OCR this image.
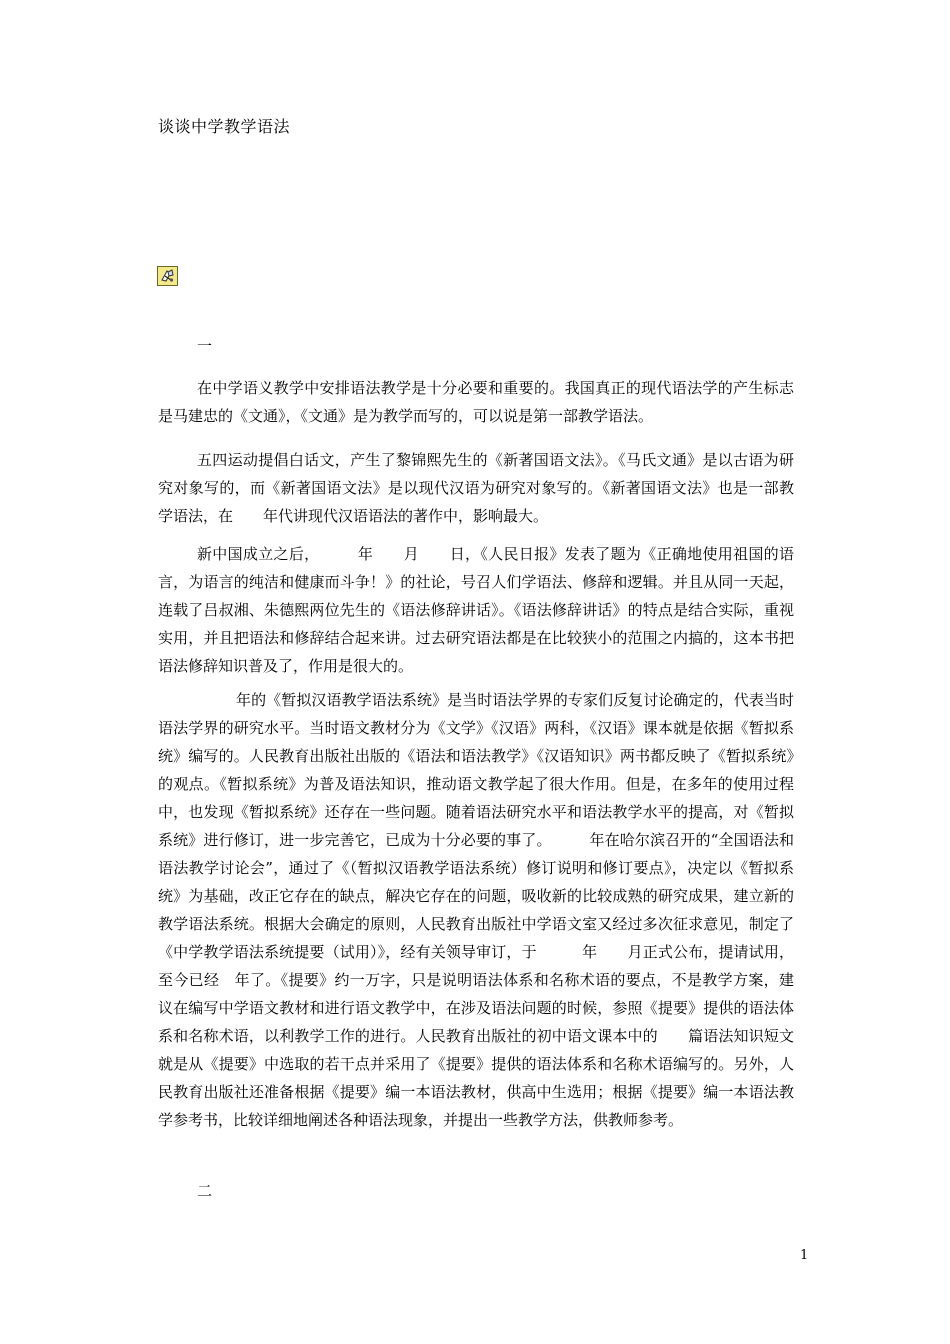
谈谈中学教学语法
一

在中学语义教学中安排语法教学是十分必要和重要的。我国真正的现代语法学的产生标志是马建忠的《文通》，《文通》是为教学而写的，可以说是第一部教学语法。

五四运动提倡白话文，产生了黎锦熙先生的《新著国语文法》。《马氏文通》是以古语为研究对象写的，而《新著国语文法》是以现代汉语为研究对象写的。《新著国语文法》也是一部教学语法，在　　年代讲现代汉语语法的著作中，影响最大。

新中国成立之后，　　　年　　月　　日，《人民日报》发表了题为《正确地使用祖国的语言，为语言的纯洁和健康而斗争！》的社论，号召人们学语法、修辞和逻辑。并且从同一天起，连载了吕叔湘、朱德熙两位先生的《语法修辞讲话》。《语法修辞讲话》的特点是结合实际，重视实用，并且把语法和修辞结合起来讲。过去研究语法都是在比较狭小的范围之内搞的，这本书把语法修辞知识普及了，作用是很大的。

年的《暂拟汉语教学语法系统》是当时语法学界的专家们反复讨论确定的，代表当时语法学界的研究水平。当时语文教材分为《文学》《汉语》两科，《汉语》课本就是依据《暂拟系统》编写的。人民教育出版社出版的《语法和语法教学》《汉语知识》两书都反映了《暂拟系统》的观点。《暂拟系统》为普及语法知识，推动语文教学起了很大作用。但是，在多年的使用过程中，也发现《暂拟系统》还存在一些问题。随着语法研究水平和语法教学水平的提高，对《暂拟系统》进行修订，进一步完善它，已成为十分必要的事了。　　　年在哈尔滨召开的“全国语法和语法教学讨论会”，通过了《（暂拟汉语教学语法系统）修订说明和修订要点》，决定以《暂拟系统》为基础，改正它存在的缺点，解决它存在的问题，吸收新的比较成熟的研究成果，建立新的教学语法系统。根据大会确定的原则，人民教育出版社中学语文室又经过多次征求意见，制定了《中学教学语法系统提要（试用）》，经有关领导审订，于　　　年　　月正式公布，提请试用，至今已经　年了。《提要》约一万字，只是说明语法体系和名称术语的要点，不是教学方案，建议在编写中学语文教材和进行语文教学中，在涉及语法问题的时候，参照《提要》提供的语法体系和名称术语，以利教学工作的进行。人民教育出版社的初中语文课本中的　　篇语法知识短文就是从《提要》中选取的若干点并采用了《提要》提供的语法体系和名称术语编写的。另外，人民教育出版社还准备根据《提要》编一本语法教材，供高中生选用；根据《提要》编一本语法教学参考书，比较详细地阐述各种语法现象，并提出一些教学方法，供教师参考。

二
1
